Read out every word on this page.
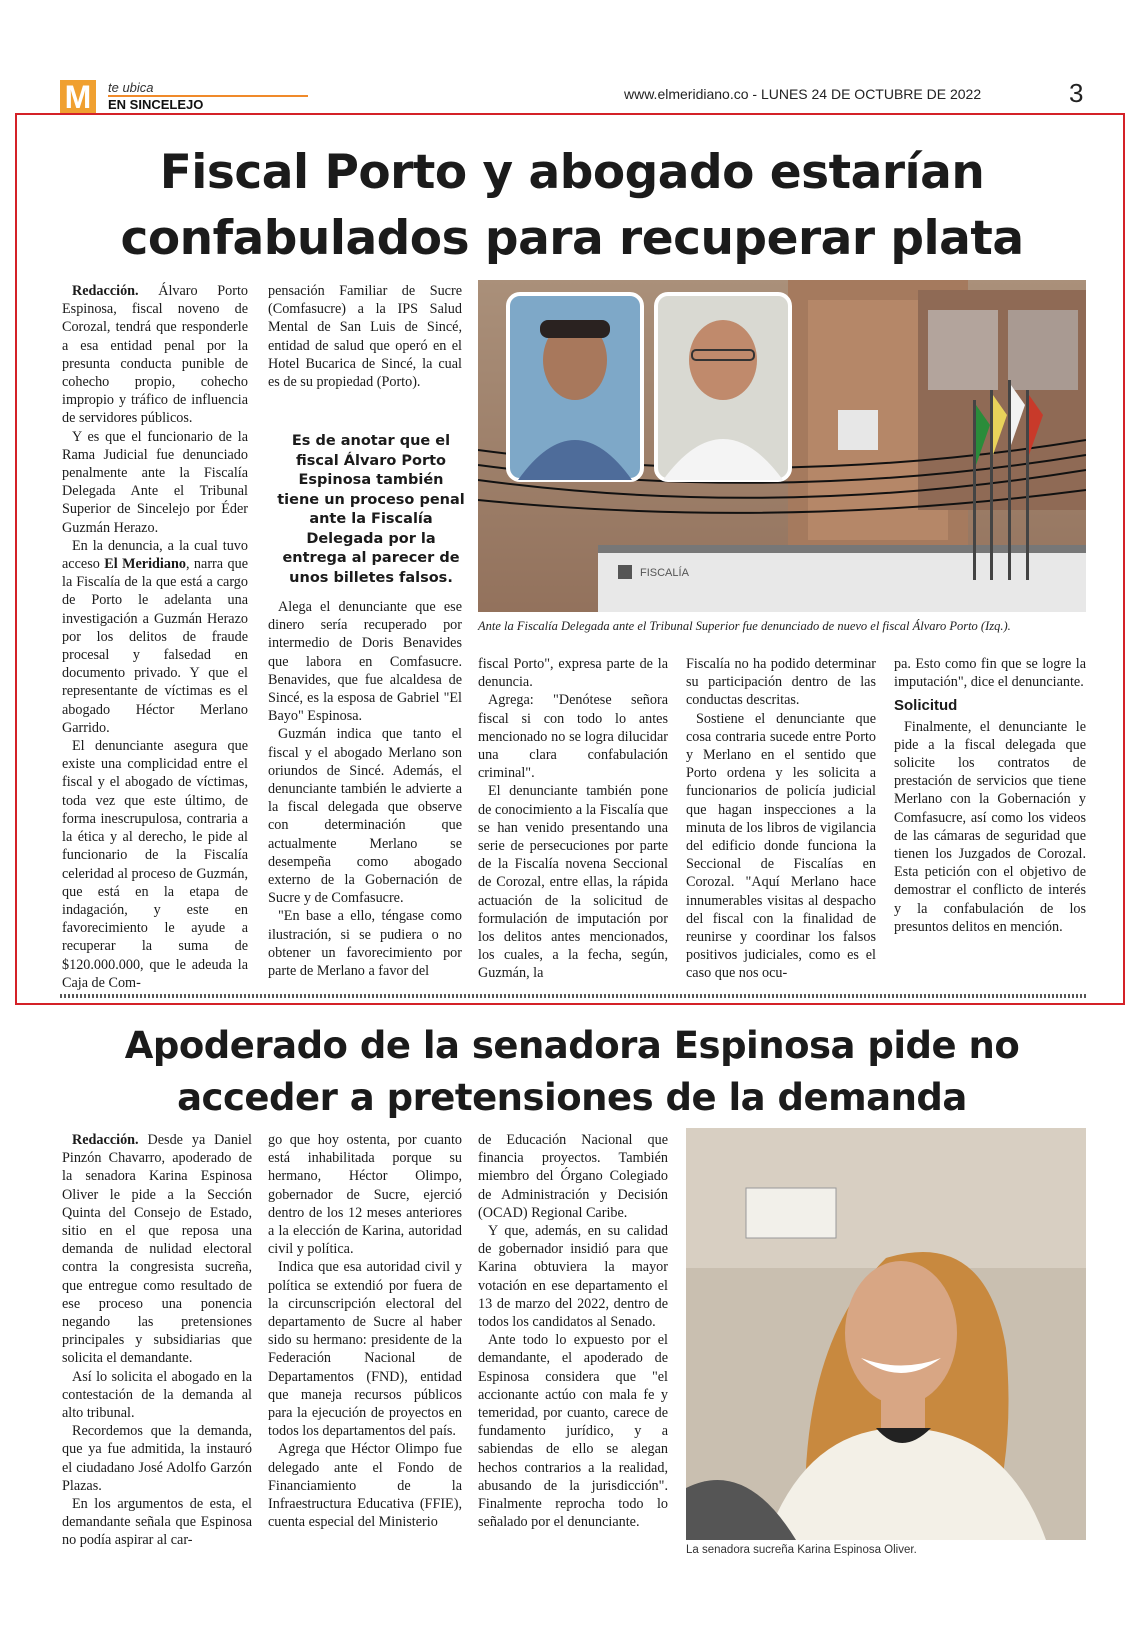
M	te ubica
EN SINCELEJO
www.elmeridiano.co - LUNES 24 DE OCTUBRE DE 2022	3
Fiscal Porto y abogado estarían
confabulados para recuperar plata

Redacción. Álvaro Porto Espinosa, fiscal noveno de Corozal, tendrá que responderle a esa entidad penal por la presunta conducta punible de cohecho propio, cohecho impropio y tráfico de influencia de servidores públicos.

Y es que el funcionario de la Rama Judicial fue denunciado penalmente ante la Fiscalía Delegada Ante el Tribunal Superior de Sincelejo por Éder Guzmán Herazo.

En la denuncia, a la cual tuvo acceso El Meridiano, narra que la Fiscalía de la que está a cargo de Porto le adelanta una investigación a Guzmán Herazo por los delitos de fraude procesal y falsedad en documento privado. Y que el representante de víctimas es el abogado Héctor Merlano Garrido.

El denunciante asegura que existe una complicidad entre el fiscal y el abogado de víctimas, toda vez que este último, de forma inescrupulosa, contraria a la ética y al derecho, le pide al funcionario de la Fiscalía celeridad al proceso de Guzmán, que está en la etapa de indagación, y este en favorecimiento le ayude a recuperar la suma de $120.000.000, que le adeuda la Caja de Com-

pensación Familiar de Sucre (Comfasucre) a la IPS Salud Mental de San Luis de Sincé, entidad de salud que operó en el Hotel Bucarica de Sincé, la cual es de su propiedad (Porto).

Es de anotar que el fiscal Álvaro Porto Espinosa también tiene un proceso penal ante la Fiscalía Delegada por la entrega al parecer de unos billetes falsos.

Alega el denunciante que ese dinero sería recuperado por intermedio de Doris Benavides que labora en Comfasucre. Benavides, que fue alcaldesa de Sincé, es la esposa de Gabriel "El Bayo" Espinosa.

Guzmán indica que tanto el fiscal y el abogado Merlano son oriundos de Sincé. Además, el denunciante también le advierte a la fiscal delegada que observe con determinación que actualmente Merlano se desempeña como abogado externo de la Gobernación de Sucre y de Comfasucre.

"En base a ello, téngase como ilustración, si se pudiera o no obtener un favorecimiento por parte de Merlano a favor del

FISCALÍA
Ante la Fiscalía Delegada ante el Tribunal Superior fue denunciado de nuevo el fiscal Álvaro Porto (Izq.).

fiscal Porto", expresa parte de la denuncia.

Agrega: "Denótese señora fiscal si con todo lo antes mencionado no se logra dilucidar una clara confabulación criminal".

El denunciante también pone de conocimiento a la Fiscalía que se han venido presentando una serie de persecuciones por parte de la Fiscalía novena Seccional de Corozal, entre ellas, la rápida actuación de la solicitud de formulación de imputación por los delitos antes mencionados, los cuales, a la fecha, según, Guzmán, la

Fiscalía no ha podido determinar su participación dentro de las conductas descritas.

Sostiene el denunciante que cosa contraria sucede entre Porto y Merlano en el sentido que Porto ordena y les solicita a funcionarios de policía judicial que hagan inspecciones a la minuta de los libros de vigilancia del edificio donde funciona la Seccional de Fiscalías en Corozal. "Aquí Merlano hace innumerables visitas al despacho del fiscal con la finalidad de reunirse y coordinar los falsos positivos judiciales, como es el caso que nos ocu-

pa. Esto como fin que se logre la imputación", dice el denunciante.

Solicitud

Finalmente, el denunciante le pide a la fiscal delegada que solicite los contratos de prestación de servicios que tiene Merlano con la Gobernación y Comfasucre, así como los videos de las cámaras de seguridad que tienen los Juzgados de Corozal. Esta petición con el objetivo de demostrar el conflicto de interés y la confabulación de los presuntos delitos en mención.

Apoderado de la senadora Espinosa pide no
acceder a pretensiones de la demanda

Redacción. Desde ya Daniel Pinzón Chavarro, apoderado de la senadora Karina Espinosa Oliver le pide a la Sección Quinta del Consejo de Estado, sitio en el que reposa una demanda de nulidad electoral contra la congresista sucreña, que entregue como resultado de ese proceso una ponencia negando las pretensiones principales y subsidiarias que solicita el demandante.

Así lo solicita el abogado en la contestación de la demanda al alto tribunal.

Recordemos que la demanda, que ya fue admitida, la instauró el ciudadano José Adolfo Garzón Plazas.

En los argumentos de esta, el demandante señala que Espinosa no podía aspirar al car-

go que hoy ostenta, por cuanto está inhabilitada porque su hermano, Héctor Olimpo, gobernador de Sucre, ejerció dentro de los 12 meses anteriores a la elección de Karina, autoridad civil y política.

Indica que esa autoridad civil y política se extendió por fuera de la circunscripción electoral del departamento de Sucre al haber sido su hermano: presidente de la Federación Nacional de Departamentos (FND), entidad que maneja recursos públicos para la ejecución de proyectos en todos los departamentos del país.

Agrega que Héctor Olimpo fue delegado ante el Fondo de Financiamiento de la Infraestructura Educativa (FFIE), cuenta especial del Ministerio

de Educación Nacional que financia proyectos. También miembro del Órgano Colegiado de Administración y Decisión (OCAD) Regional Caribe.

Y que, además, en su calidad de gobernador insidió para que Karina obtuviera la mayor votación en ese departamento el 13 de marzo del 2022, dentro de todos los candidatos al Senado.

Ante todo lo expuesto por el demandante, el apoderado de Espinosa considera que "el accionante actúo con mala fe y temeridad, por cuanto, carece de fundamento jurídico, y a sabiendas de ello se alegan hechos contrarios a la realidad, abusando de la jurisdicción". Finalmente reprocha todo lo señalado por el denunciante.

La senadora sucreña Karina Espinosa Oliver.
